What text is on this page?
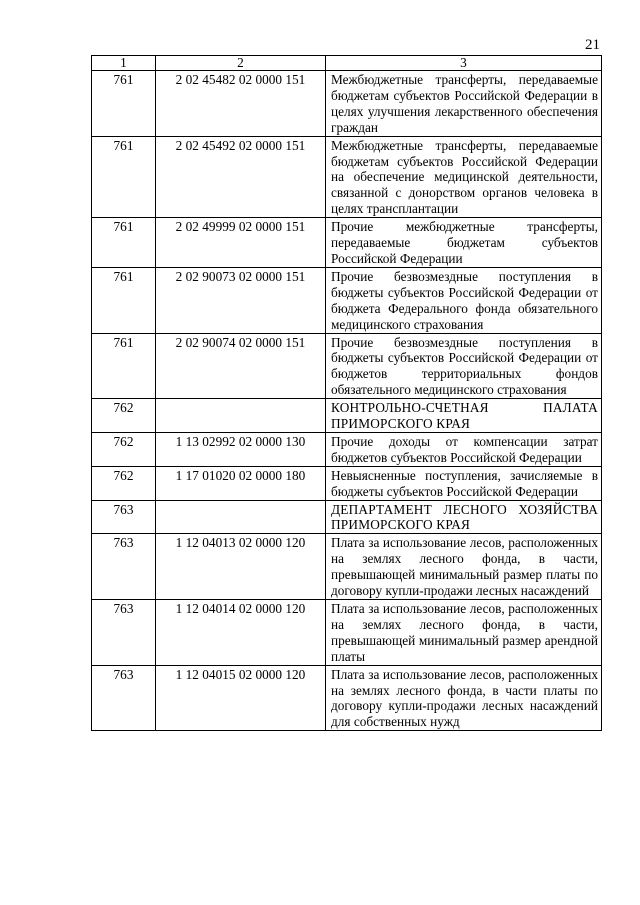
21
1	2	3
761	2 02 45482 02 0000 151	Межбюджетные трансферты, передаваемые бюджетам субъектов Российской Федерации в целях улучшения лекарственного обеспечения граждан
761	2 02 45492 02 0000 151	Межбюджетные трансферты, передаваемые бюджетам субъектов Российской Федерации на обеспечение медицинской деятельности, связанной с донорством органов человека в целях трансплантации
761	2 02 49999 02 0000 151	Прочие межбюджетные трансферты, передаваемые бюджетам субъектов Российской Федерации
761	2 02 90073 02 0000 151	Прочие безвозмездные поступления в бюджеты субъектов Российской Федерации от бюджета Федерального фонда обязательного медицинского страхования
761	2 02 90074 02 0000 151	Прочие безвозмездные поступления в бюджеты субъектов Российской Федерации от бюджетов территориальных фондов обязательного медицинского страхования
762		КОНТРОЛЬНО-СЧЕТНАЯ ПАЛАТА ПРИМОРСКОГО КРАЯ
762	1 13 02992 02 0000 130	Прочие доходы от компенсации затрат бюджетов субъектов Российской Федерации
762	1 17 01020 02 0000 180	Невыясненные поступления, зачисляемые в бюджеты субъектов Российской Федерации
763		ДЕПАРТАМЕНТ ЛЕСНОГО ХОЗЯЙСТВА ПРИМОРСКОГО КРАЯ
763	1 12 04013 02 0000 120	Плата за использование лесов, расположенных на землях лесного фонда, в части, превышающей минимальный размер платы по договору купли-продажи лесных насаждений
763	1 12 04014 02 0000 120	Плата за использование лесов, расположенных на землях лесного фонда, в части, превышающей минимальный размер арендной платы
763	1 12 04015 02 0000 120	Плата за использование лесов, расположенных на землях лесного фонда, в части платы по договору купли-продажи лесных насаждений для собственных нужд
